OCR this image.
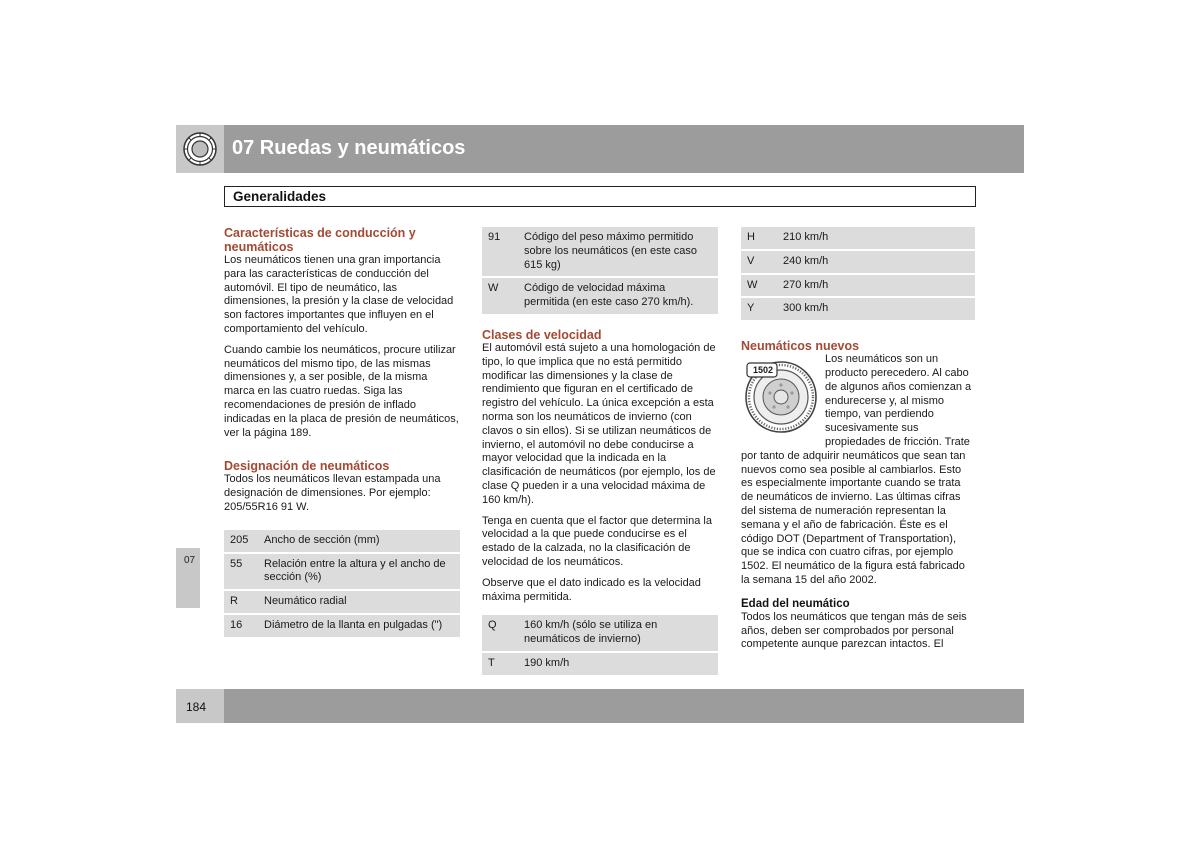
07 Ruedas y neumáticos
Generalidades
07
184
Características de conducción y neumáticos

Los neumáticos tienen una gran importancia para las características de conducción del automóvil. El tipo de neumático, las dimensiones, la presión y la clase de velocidad son factores importantes que influyen en el comportamiento del vehículo.

Cuando cambie los neumáticos, procure utilizar neumáticos del mismo tipo, de las mismas dimensiones y, a ser posible, de la misma marca en las cuatro ruedas. Siga las recomendaciones de presión de inflado indicadas en la placa de presión de neumáticos, ver la página 189.

Designación de neumáticos

Todos los neumáticos llevan estampada una designación de dimensiones. Por ejemplo: 205/55R16 91 W.

205	Ancho de sección (mm)
55	Relación entre la altura y el ancho de sección (%)
R	Neumático radial
16	Diámetro de la llanta en pulgadas (")
91	Código del peso máximo permitido sobre los neumáticos (en este caso 615 kg)
W	Código de velocidad máxima permitida (en este caso 270 km/h).
Clases de velocidad

El automóvil está sujeto a una homologación de tipo, lo que implica que no está permitido modificar las dimensiones y la clase de rendimiento que figuran en el certificado de registro del vehículo. La única excepción a esta norma son los neumáticos de invierno (con clavos o sin ellos). Si se utilizan neumáticos de invierno, el automóvil no debe conducirse a mayor velocidad que la indicada en la clasificación de neumáticos (por ejemplo, los de clase Q pueden ir a una velocidad máxima de 160 km/h).

Tenga en cuenta que el factor que determina la velocidad a la que puede conducirse es el estado de la calzada, no la clasificación de velocidad de los neumáticos.

Observe que el dato indicado es la velocidad máxima permitida.

Q	160 km/h (sólo se utiliza en neumáticos de invierno)
T	190 km/h
H	210 km/h
V	240 km/h
W	270 km/h
Y	300 km/h
Neumáticos nuevos
1502

Los neumáticos son un producto perecedero. Al cabo de algunos años comienzan a endurecerse y, al mismo tiempo, van perdiendo sucesivamente sus propiedades de fricción. Trate por tanto de adquirir neumáticos que sean tan nuevos como sea posible al cambiarlos. Esto es especialmente importante cuando se trata de neumáticos de invierno. Las últimas cifras del sistema de numeración representan la semana y el año de fabricación. Éste es el código DOT (Department of Transportation), que se indica con cuatro cifras, por ejemplo 1502. El neumático de la figura está fabricado la semana 15 del año 2002.

Edad del neumático

Todos los neumáticos que tengan más de seis años, deben ser comprobados por personal competente aunque parezcan intactos. El
